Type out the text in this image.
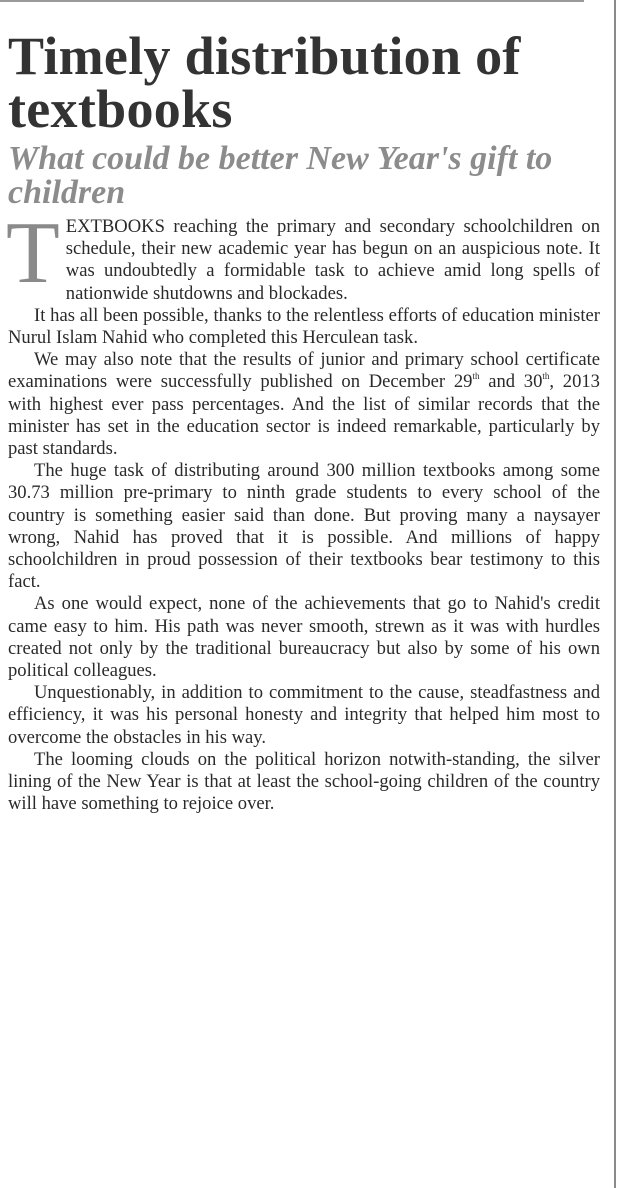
Timely distribution of textbooks
What could be better New Year's gift to children

TEXTBOOKS reaching the primary and secondary schoolchildren on schedule, their new academic year has begun on an auspicious note. It was undoubtedly a formidable task to achieve amid long spells of nationwide shutdowns and blockades.

It has all been possible, thanks to the relentless efforts of education minister Nurul Islam Nahid who completed this Herculean task.

We may also note that the results of junior and primary school certificate examinations were successfully published on December 29th and 30th, 2013 with highest ever pass percentages. And the list of similar records that the minister has set in the education sector is indeed remarkable, particularly by past standards.

The huge task of distributing around 300 million textbooks among some 30.73 million pre-primary to ninth grade students to every school of the country is something easier said than done. But proving many a naysayer wrong, Nahid has proved that it is possible. And millions of happy schoolchildren in proud possession of their textbooks bear testimony to this fact.

As one would expect, none of the achievements that go to Nahid's credit came easy to him. His path was never smooth, strewn as it was with hurdles created not only by the traditional bureaucracy but also by some of his own political colleagues.

Unquestionably, in addition to commitment to the cause, steadfastness and efficiency, it was his personal honesty and integrity that helped him most to overcome the obstacles in his way.

The looming clouds on the political horizon notwith-standing, the silver lining of the New Year is that at least the school-going children of the country will have something to rejoice over.
